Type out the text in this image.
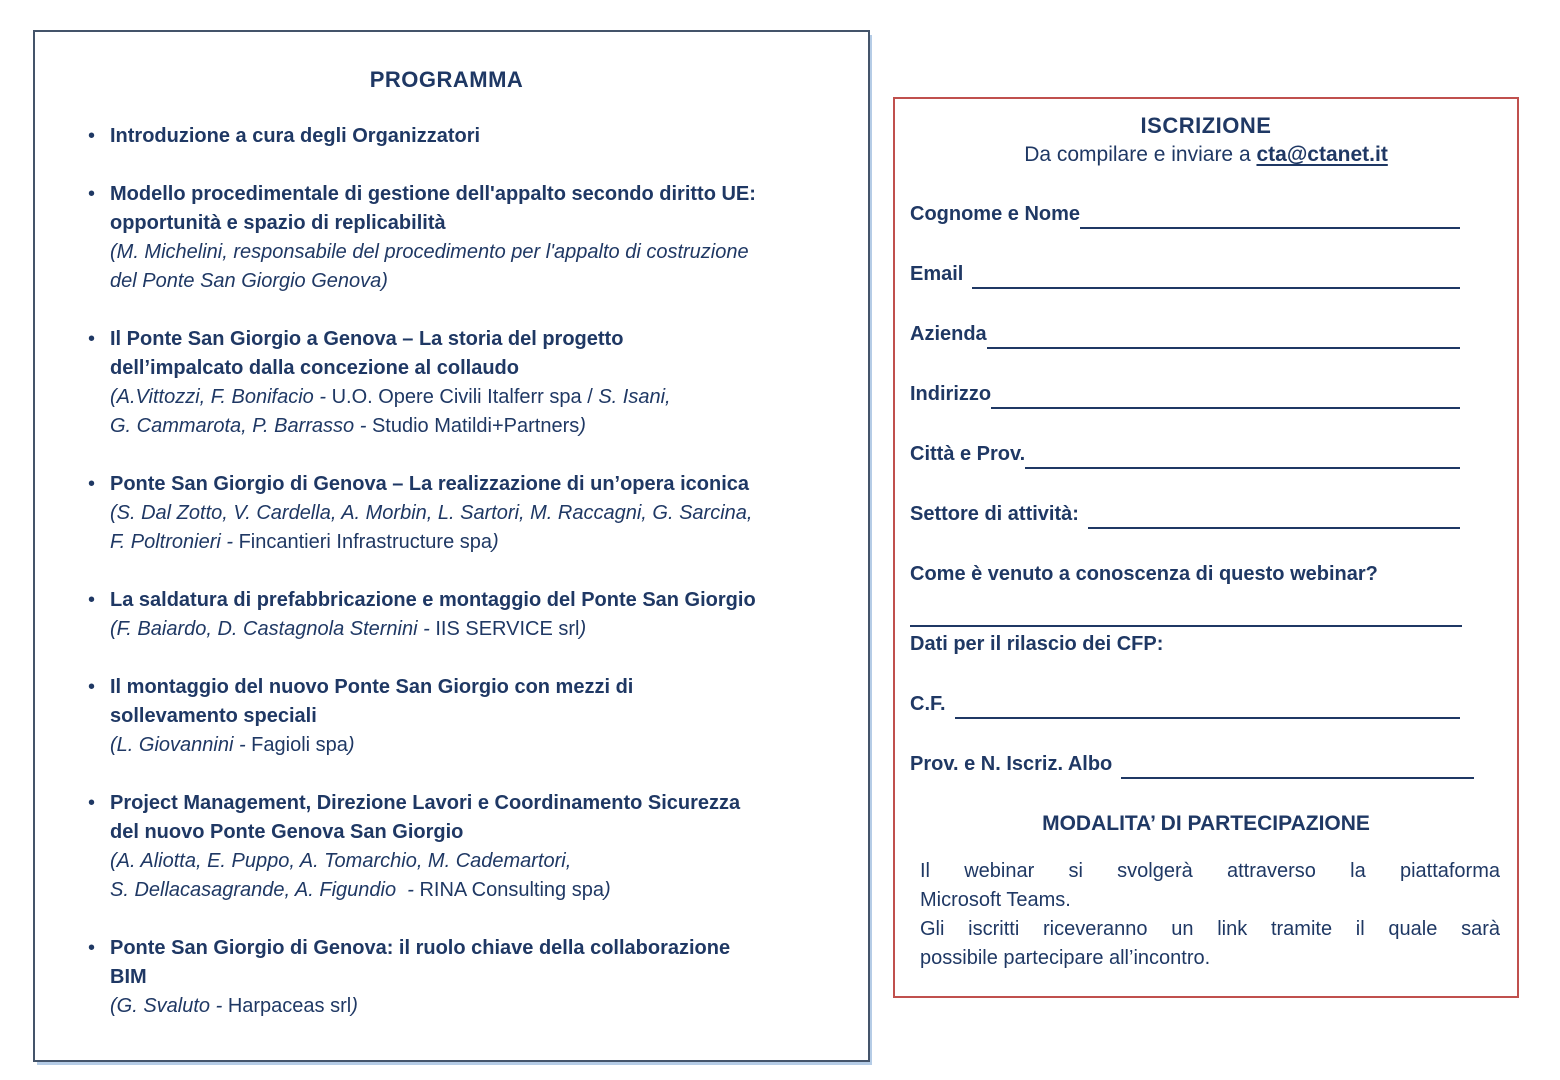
PROGRAMMA
• Introduzione a cura degli Organizzatori
• Modello procedimentale di gestione dell'appalto secondo diritto UE:
opportunità e spazio di replicabilità
(M. Michelini, responsabile del procedimento per l'appalto di costruzione
del Ponte San Giorgio Genova)
• Il Ponte San Giorgio a Genova – La storia del progetto
dell’impalcato dalla concezione al collaudo
(A.Vittozzi, F. Bonifacio - U.O. Opere Civili Italferr spa / S. Isani,
G. Cammarota, P. Barrasso - Studio Matildi+Partners)
• Ponte San Giorgio di Genova – La realizzazione di un’opera iconica
(S. Dal Zotto, V. Cardella, A. Morbin, L. Sartori, M. Raccagni, G. Sarcina,
F. Poltronieri - Fincantieri Infrastructure spa)
• La saldatura di prefabbricazione e montaggio del Ponte San Giorgio
(F. Baiardo, D. Castagnola Sternini - IIS SERVICE srl)
• Il montaggio del nuovo Ponte San Giorgio con mezzi di
sollevamento speciali
(L. Giovannini - Fagioli spa)
• Project Management, Direzione Lavori e Coordinamento Sicurezza
del nuovo Ponte Genova San Giorgio
(A. Aliotta, E. Puppo, A. Tomarchio, M. Cademartori,
S. Dellacasagrande, A. Figundio  - RINA Consulting spa)
• Ponte San Giorgio di Genova: il ruolo chiave della collaborazione
BIM
(G. Svaluto - Harpaceas srl)
ISCRIZIONE

Da compilare e inviare a cta@ctanet.it

Cognome e Nome
Email
Azienda
Indirizzo
Città e Prov.
Settore di attività:
Come è venuto a conoscenza di questo webinar?
Dati per il rilascio dei CFP:
C.F.
Prov. e N. Iscriz. Albo
MODALITA’ DI PARTECIPAZIONE
Il webinar si svolgerà attraverso la piattaforma
Microsoft Teams.
Gli iscritti riceveranno un link tramite il quale sarà
possibile partecipare all’incontro.
